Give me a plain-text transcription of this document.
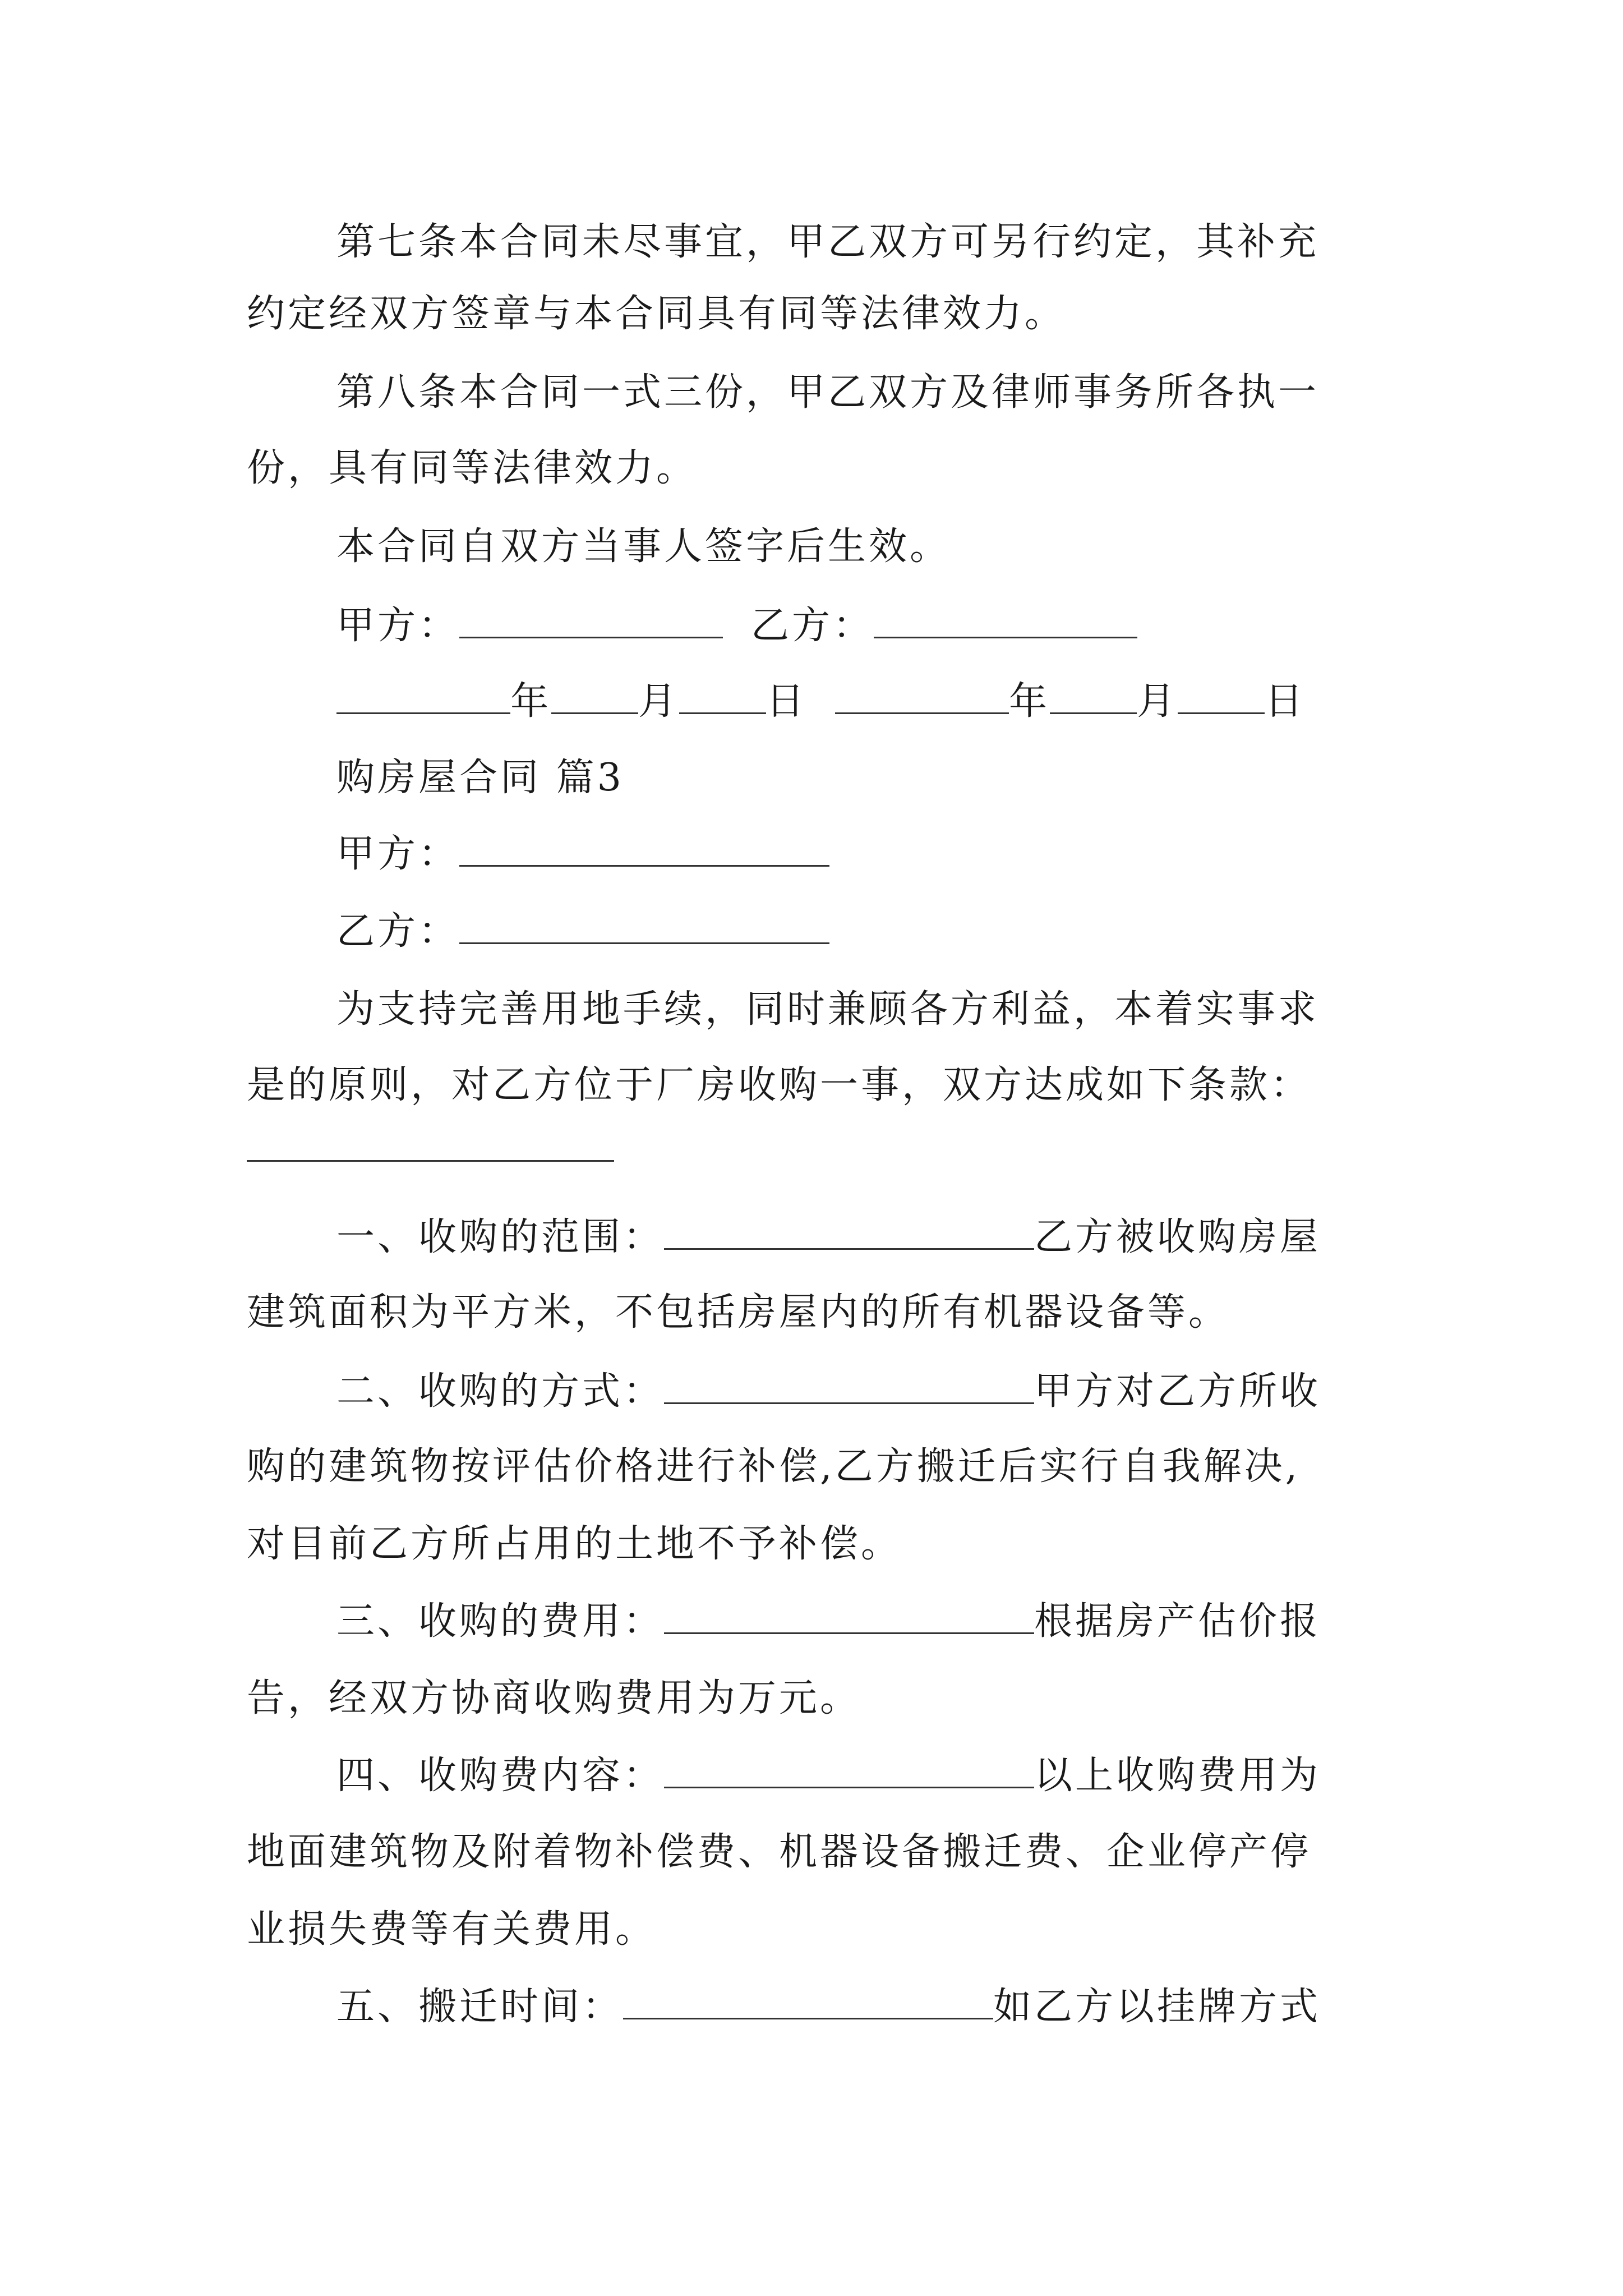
第七条本合同未尽事宜，甲乙双方可另行约定，其补充
约定经双方签章与本合同具有同等法律效力。
第八条本合同一式三份，甲乙双方及律师事务所各执一
份，具有同等法律效力。
本合同自双方当事人签字后生效。
甲方：	乙方：
年 月 日	年 月 日
购房屋合同 篇3
甲方：
乙方：
为支持完善用地手续，同时兼顾各方利益，本着实事求
是的原则，对乙方位于厂房收购一事，双方达成如下条款：
一、收购的范围：	乙方被收购房屋
建筑面积为平方米，不包括房屋内的所有机器设备等。
二、收购的方式：	甲方对乙方所收
购的建筑物按评估价格进行补偿,乙方搬迁后实行自我解决,
对目前乙方所占用的土地不予补偿。
三、收购的费用：	根据房产估价报
告，经双方协商收购费用为万元。
四、收购费内容：	以上收购费用为
地面建筑物及附着物补偿费、机器设备搬迁费、企业停产停
业损失费等有关费用。
五、搬迁时间：	如乙方以挂牌方式
